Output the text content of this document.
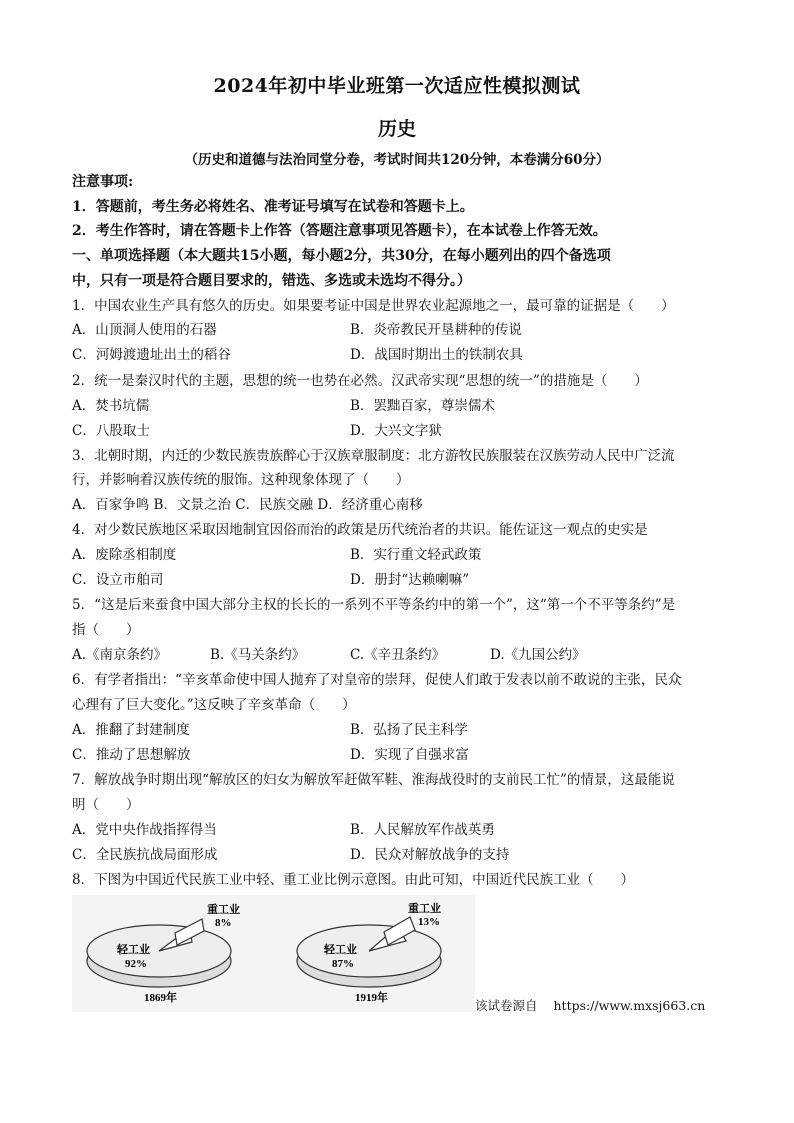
2024年初中毕业班第一次适应性模拟测试
历史
（历史和道德与法治同堂分卷，考试时间共120分钟，本卷满分60分）
注意事项:
1．答题前，考生务必将姓名、准考证号填写在试卷和答题卡上。
2．考生作答时，请在答题卡上作答（答题注意事项见答题卡），在本试卷上作答无效。
一、单项选择题（本大题共15小题，每小题2分，共30分，在每小题列出的四个备选项
中，只有一项是符合题目要求的，错选、多选或未选均不得分。）
1．中国农业生产具有悠久的历史。如果要考证中国是世界农业起源地之一，最可靠的证据是（　　）
A．山顶洞人使用的石器	B．炎帝教民开垦耕种的传说
C．河姆渡遗址出土的稻谷	D．战国时期出土的铁制农具
2．统一是秦汉时代的主题，思想的统一也势在必然。汉武帝实现“思想的统一”的措施是（　　）
A．焚书坑儒	B．罢黜百家，尊崇儒术
C．八股取士	D．大兴文字狱
3．北朝时期，内迁的少数民族贵族醉心于汉族章服制度：北方游牧民族服装在汉族劳动人民中广泛流
行，并影响着汉族传统的服饰。这种现象体现了（　　）
A．百家争鸣 B．文景之治 C．民族交融 D．经济重心南移
4．对少数民族地区采取因地制宜因俗而治的政策是历代统治者的共识。能佐证这一观点的史实是
A．废除丞相制度	B．实行重文轻武政策
C．设立市舶司	D．册封“达赖喇嘛”
5．“这是后来蚕食中国大部分主权的长长的一系列不平等条约中的第一个”，这“第一个不平等条约”是
指（　　）
A.《南京条约》	B.《马关条约》	C.《辛丑条约》	D.《九国公约》
6．有学者指出：“辛亥革命使中国人抛弃了对皇帝的崇拜，促使人们敢于发表以前不敢说的主张，民众
心理有了巨大变化。”这反映了辛亥革命（　　）
A．推翻了封建制度	B．弘扬了民主科学
C．推动了思想解放	D．实现了自强求富
7．解放战争时期出现“解放区的妇女为解放军赶做军鞋、淮海战役时的支前民工忙”的情景，这最能说
明（　　）
A．党中央作战指挥得当	B．人民解放军作战英勇
C．全民族抗战局面形成	D．民众对解放战争的支持
8．下图为中国近代民族工业中轻、重工业比例示意图。由此可知，中国近代民族工业（　　）
重工业
8%
轻工业
92%
1869年
重工业
13%
轻工业
87%
1919年	该试卷源自 https://www.mxsj663.cn
